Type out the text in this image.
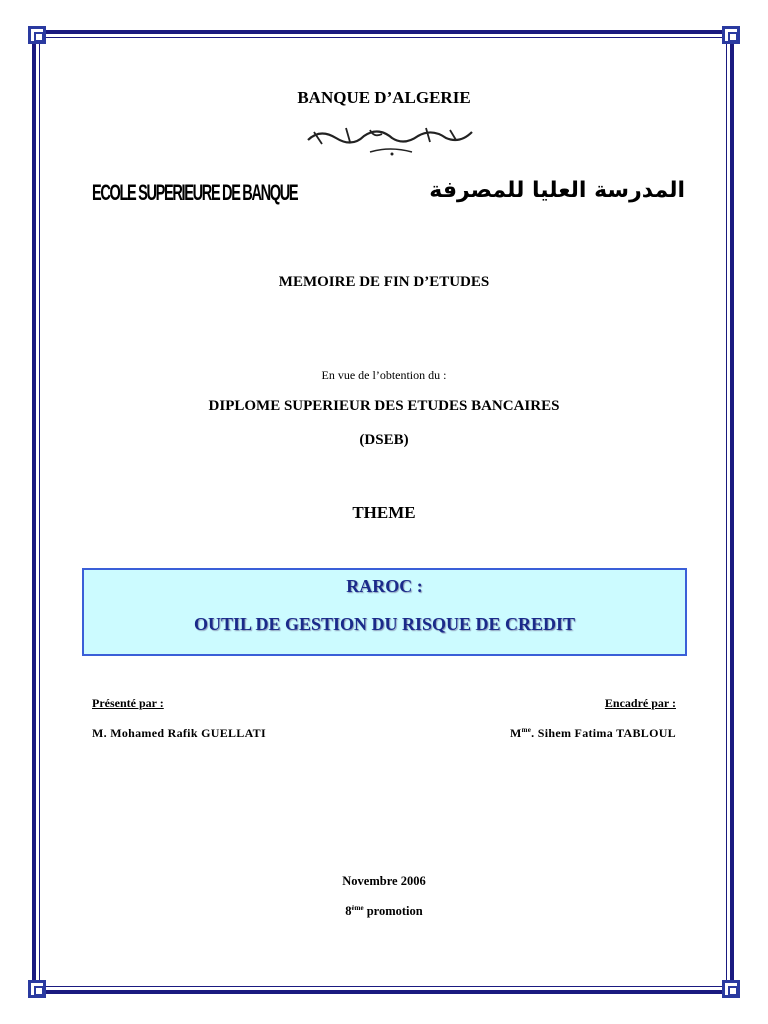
BANQUE D’ALGERIE
ECOLE SUPERIEURE DE BANQUE	المدرسة العليا للمصرفة
MEMOIRE DE FIN D’ETUDES
En vue de l’obtention du :
DIPLOME SUPERIEUR DES ETUDES BANCAIRES
(DSEB)
THEME
RAROC :
OUTIL DE GESTION DU RISQUE DE CREDIT
Présenté par :	Encadré par :
M. Mohamed Rafik GUELLATI	$M^{me}$. Sihem Fatima TABLOUL
Novembre 2006
8ème promotion
